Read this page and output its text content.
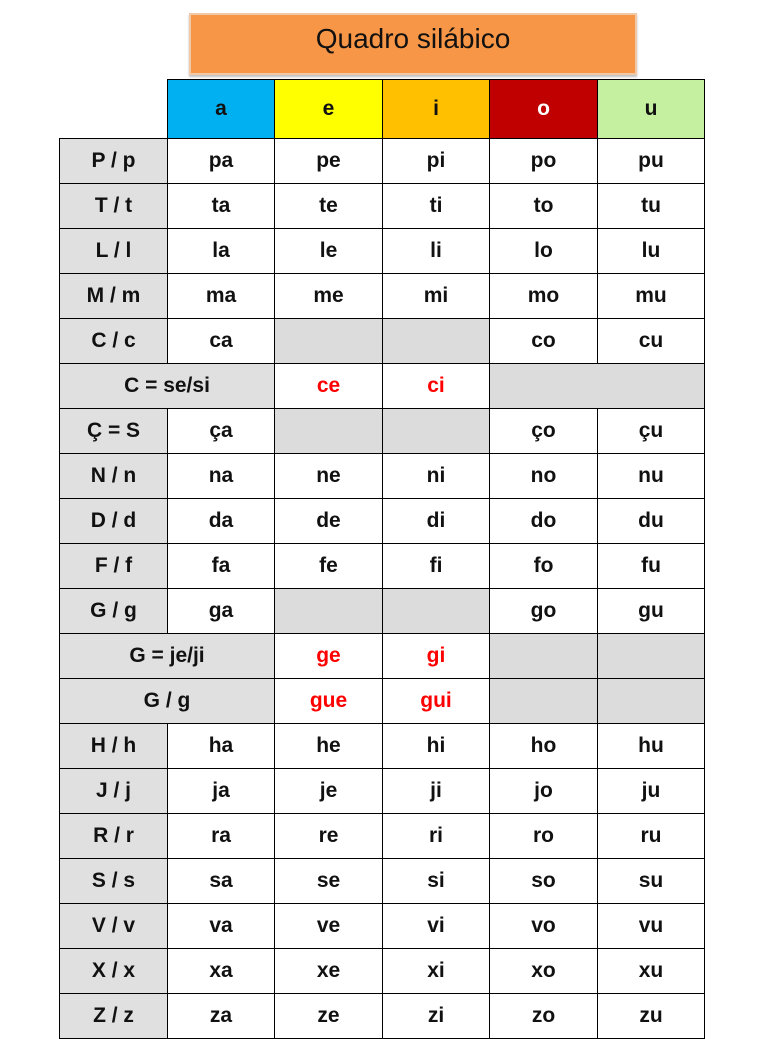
Quadro silábico
	a	e	i	o	u
P / p	pa	pe	pi	po	pu
T / t	ta	te	ti	to	tu
L / l	la	le	li	lo	lu
M / m	ma	me	mi	mo	mu
C / c	ca			co	cu
C = se/si		ce	ci		
Ç = S	ça			ço	çu
N / n	na	ne	ni	no	nu
D / d	da	de	di	do	du
F / f	fa	fe	fi	fo	fu
G / g	ga			go	gu
G = je/ji		ge	gi		
G / g		gue	gui		
H / h	ha	he	hi	ho	hu
J / j	ja	je	ji	jo	ju
R / r	ra	re	ri	ro	ru
S / s	sa	se	si	so	su
V / v	va	ve	vi	vo	vu
X / x	xa	xe	xi	xo	xu
Z / z	za	ze	zi	zo	zu
